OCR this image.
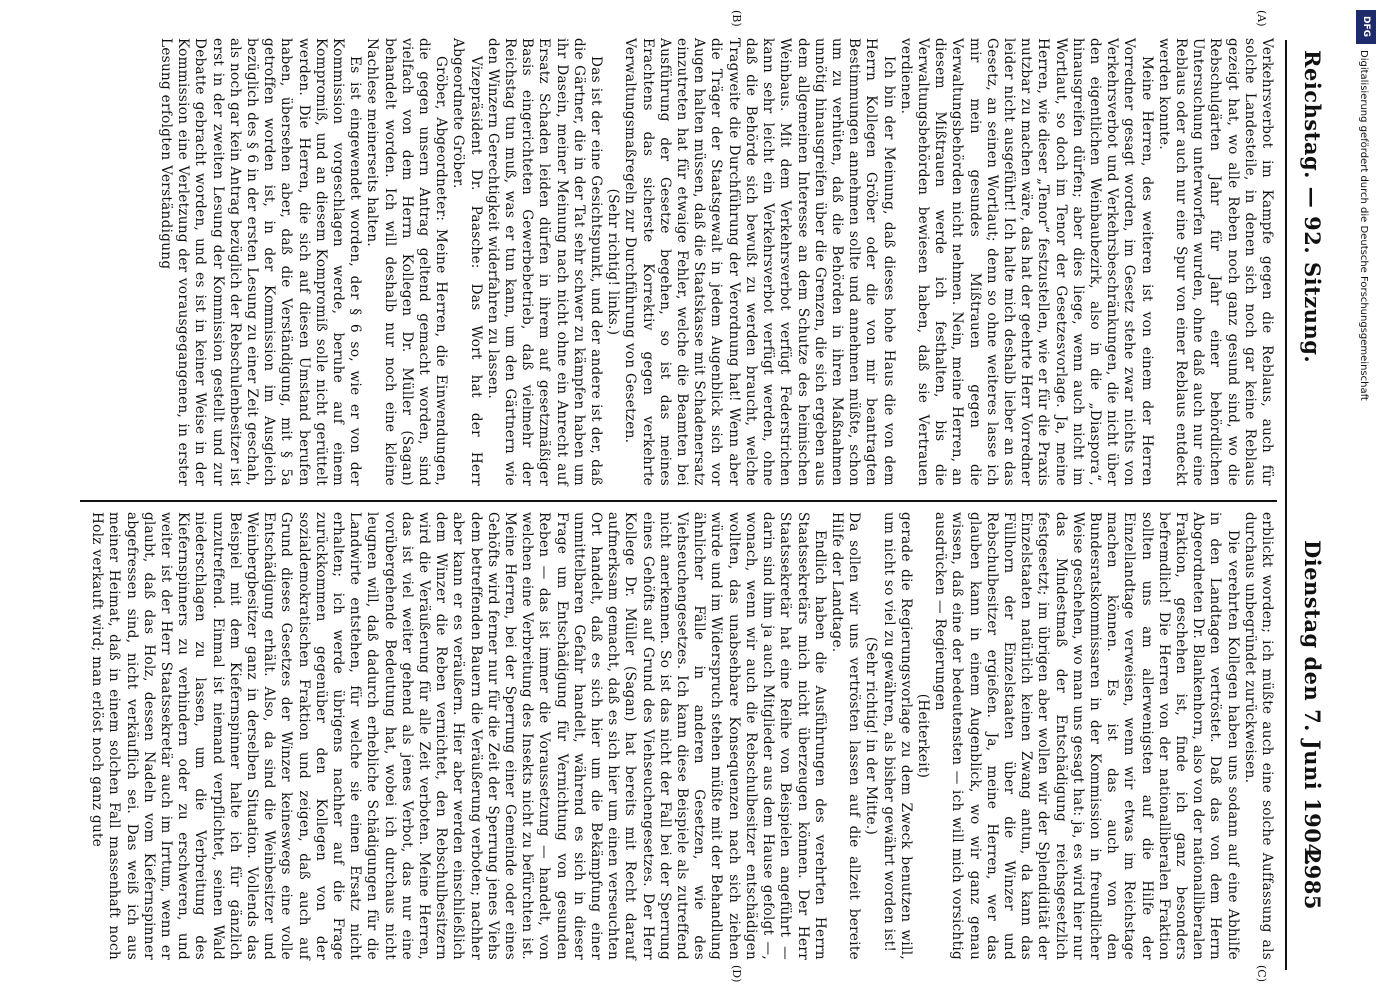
Reichstag. — 92. Sitzung.
Dienstag den 7. Juni 1904.
2985
(A)
(B)
(C)
(D)

Verkehrsverbot im Kampfe gegen die Reblaus, auch für solche Landesteile, in denen sich noch gar keine Reblaus gezeigt hat, wo alle Reben noch ganz gesund sind, wo die Rebschulgärten Jahr für Jahr einer behördlichen Untersuchung unterworfen wurden, ohne daß auch nur eine Reblaus oder auch nur eine Spur von einer Reblaus entdeckt werden konnte.

Meine Herren, des weiteren ist von einem der Herren Vorredner gesagt worden, im Gesetz stehe zwar nichts von Verkehrsverbot und Verkehrsbeschränkungen, die nicht über den eigentlichen Weinbaubezirk, also in die „Diaspora“, hinausgreifen dürfen; aber dies liege, wenn auch nicht im Wortlaut, so doch im Tenor der Gesetzesvorlage. Ja, meine Herren, wie dieser „Tenor“ festzustellen, wie er für die Praxis nutzbar zu machen wäre, das hat der geehrte Herr Vorredner leider nicht ausgeführt! Ich halte mich deshalb lieber an das Gesetz, an seinen Wortlaut; denn so ohne weiteres lasse ich mir mein gesundes Mißtrauen gegen die Verwaltungsbehörden nicht nehmen. Nein, meine Herren, an diesem Mißtrauen werde ich festhalten, bis die Verwaltungsbehörden bewiesen haben, daß sie Vertrauen verdienen.

Ich bin der Meinung, daß dieses hohe Haus die von dem Herrn Kollegen Gröber oder die von mir beantragten Bestimmungen annehmen sollte und annehmen müßte, schon um zu verhüten, daß die Behörden in ihren Maßnahmen unnötig hinausgreifen über die Grenzen, die sich ergeben aus dem allgemeinen Interesse an dem Schutze des heimischen Weinbaus. Mit dem Verkehrsverbot verfügt Federstrichen kann sehr leicht ein Verkehrsverbot verfügt werden, ohne daß die Behörde sich bewußt zu werden braucht, welche Tragweite die Durchführung der Verordnung hat! Wenn aber die Träger der Staatsgewalt in jedem Augenblick sich vor Augen halten müssen, daß die Staatskasse mit Schadenersatz einzutreten hat für etwaige Fehler, welche die Beamten bei Ausführung der Gesetze begehen, so ist das meines Erachtens das sicherste Korrektiv gegen verkehrte Verwaltungsmaßregeln zur Durchführung von Gesetzen.

(Sehr richtig! links.)

Das ist der eine Gesichtspunkt, und der andere ist der, daß die Gärtner, die in der Tat sehr schwer zu kämpfen haben um ihr Dasein, meiner Meinung nach nicht ohne ein Anrecht auf Ersatz Schaden leiden dürfen in ihrem auf gesetzmäßiger Basis eingerichteten Gewerbebetrieb, daß vielmehr der Reichstag tun muß, was er tun kann, um den Gärtnern wie den Winzern Gerechtigkeit widerfahren zu lassen.

Vizepräsident Dr. Paasche: Das Wort hat der Herr Abgeordnete Gröber.

Gröber, Abgeordneter: Meine Herren, die Einwendungen, die gegen unsern Antrag geltend gemacht worden, sind vielfach von dem Herrn Kollegen Dr. Müller (Sagan) behandelt worden. Ich will deshalb nur noch eine kleine Nachlese meinerseits halten.

Es ist eingewendet worden, der § 6 so, wie er von der Kommission vorgeschlagen werde, beruhe auf einem Kompromiß, und an diesem Kompromiß solle nicht gerüttelt werden. Die Herren, die sich auf diesen Umstand berufen haben, übersehen aber, daß die Verständigung, mit § 5a getroffen worden ist, in der Kommission im Ausgleich bezüglich des § 6 in der ersten Lesung zu einer Zeit geschah, als noch gar kein Antrag bezüglich der Rebschulenbesitzer ist erst in der zweiten Lesung der Kommission gestellt und zur Debatte gebracht worden, und es ist in keiner Weise in der Kommission eine Verletzung der vorausgegangenen, in erster Lesung erfolgten Verständigung

erblickt worden; ich müßte auch eine solche Auffassung als durchaus unbegründet zurückweisen.

Die verehrten Kollegen haben uns sodann auf eine Abhilfe in den Landtagen vertröstet. Daß das von dem Herrn Abgeordneten Dr. Blankenhorn, also von der nationalliberalen Fraktion, geschehen ist, finde ich ganz besonders befremdlich! Die Herren von der nationalliberalen Fraktion sollten uns am allerwenigsten auf die Hilfe der Einzellandtage verweisen, wenn wir etwas im Reichstage machen können. Es ist das auch von den Bundesratskommissaren in der Kommission in freundlicher Weise geschehen, wo man uns gesagt hat: ja, es wird hier nur das Mindestmaß der Entschädigung reichsgesetzlich festgesetzt; im übrigen aber wollen wir der Splendidität der Einzelstaaten natürlich keinen Zwang antun, da kann das Füllhorn der Einzelstaaten über die Winzer und Rebschulbesitzer ergießen. Ja, meine Herren, wer das glauben kann in einem Augenblick, wo wir ganz genau wissen, daß eine der bedeutensten — ich will mich vorsichtig ausdrücken — Regierungen

(Heiterkeit)

gerade die Regierungsvorlage zu dem Zweck benutzen will, um nicht so viel zu gewähren, als bisher gewährt worden ist!

(Sehr richtig! in der Mitte.)

Da sollen wir uns vertrösten lassen auf die allzeit bereite Hilfe der Landtage.

Endlich haben die Ausführungen des verehrten Herrn Staatssekretärs mich nicht überzeugen können. Der Herr Staatssekretär hat eine Reihe von Beispielen angeführt — darin sind ihm ja auch Mitglieder aus dem Hause gefolgt —, wonach, wenn wir auch die Rebschulbesitzer entschädigen wollten, das unabsehbare Konsequenzen nach sich ziehen würde und im Widerspruch stehen müßte mit der Behandlung ähnlicher Fälle in anderen Gesetzen, wie des Viehseuchengesetzes. Ich kann diese Beispiele als zutreffend nicht anerkennen. So ist das nicht der Fall bei der Sperrung eines Gehöfts auf Grund des Viehseuchengesetzes. Der Herr Kollege Dr. Müller (Sagan) hat bereits mit Recht darauf aufmerksam gemacht, daß es sich hier um einen verseuchten Ort handelt, daß es sich hier um die Bekämpfung einer unmittelbaren Gefahr handelt, während es sich in dieser Frage um Entschädigung für Vernichtung von gesunden Reben — das ist immer die Voraussetzung — handelt, von welchen eine Verbreitung des Insekts nicht zu befürchten ist. Meine Herren, bei der Sperrung einer Gemeinde oder eines Gehöfts wird ferner nur für die Zeit der Sperrung jenes Viehs dem betreffenden Bauern die Veräußerung verboten; nachher aber kann er es veräußern. Hier aber werden einschließlich dem Winzer die Reben vernichtet, den Rebschulbesitzern wird die Veräußerung für alle Zeit verboten. Meine Herren, das ist viel weiter gehend als jenes Verbot, das nur eine vorübergehende Bedeutung hat, wobei ich durchaus nicht leugnen will, daß dadurch erhebliche Schädigungen für die Landwirte entstehen, für welche sie einen Ersatz nicht erhalten; ich werde übrigens nachher auf die Frage zurückkommen gegenüber den Kollegen von der sozialdemokratischen Fraktion und zeigen, daß auch auf Grund dieses Gesetzes der Winzer keineswegs eine volle Entschädigung erhält. Also, da sind die Weinbesitzer und Weinbergbesitzer ganz in derselben Situation. Vollends das Beispiel mit dem Kiefernspinner halte ich für gänzlich unzutreffend. Einmal ist niemand verpflichtet, seinen Wald niederschlagen zu lassen, um die Verbreitung des Kiefernspinners zu verhindern oder zu erschweren, und weiter ist der Herr Staatssekretär auch im Irrtum, wenn er glaubt, daß das Holz, dessen Nadeln vom Kiefernspinner abgefressen sind, nicht verkäuflich sei. Das weiß ich aus meiner Heimat, daß in einem solchen Fall massenhaft noch Holz verkauft wird; man erlöst noch ganz gute

DFG
Digitalisierung gefördert durch die Deutsche Forschungsgemeinschaft
